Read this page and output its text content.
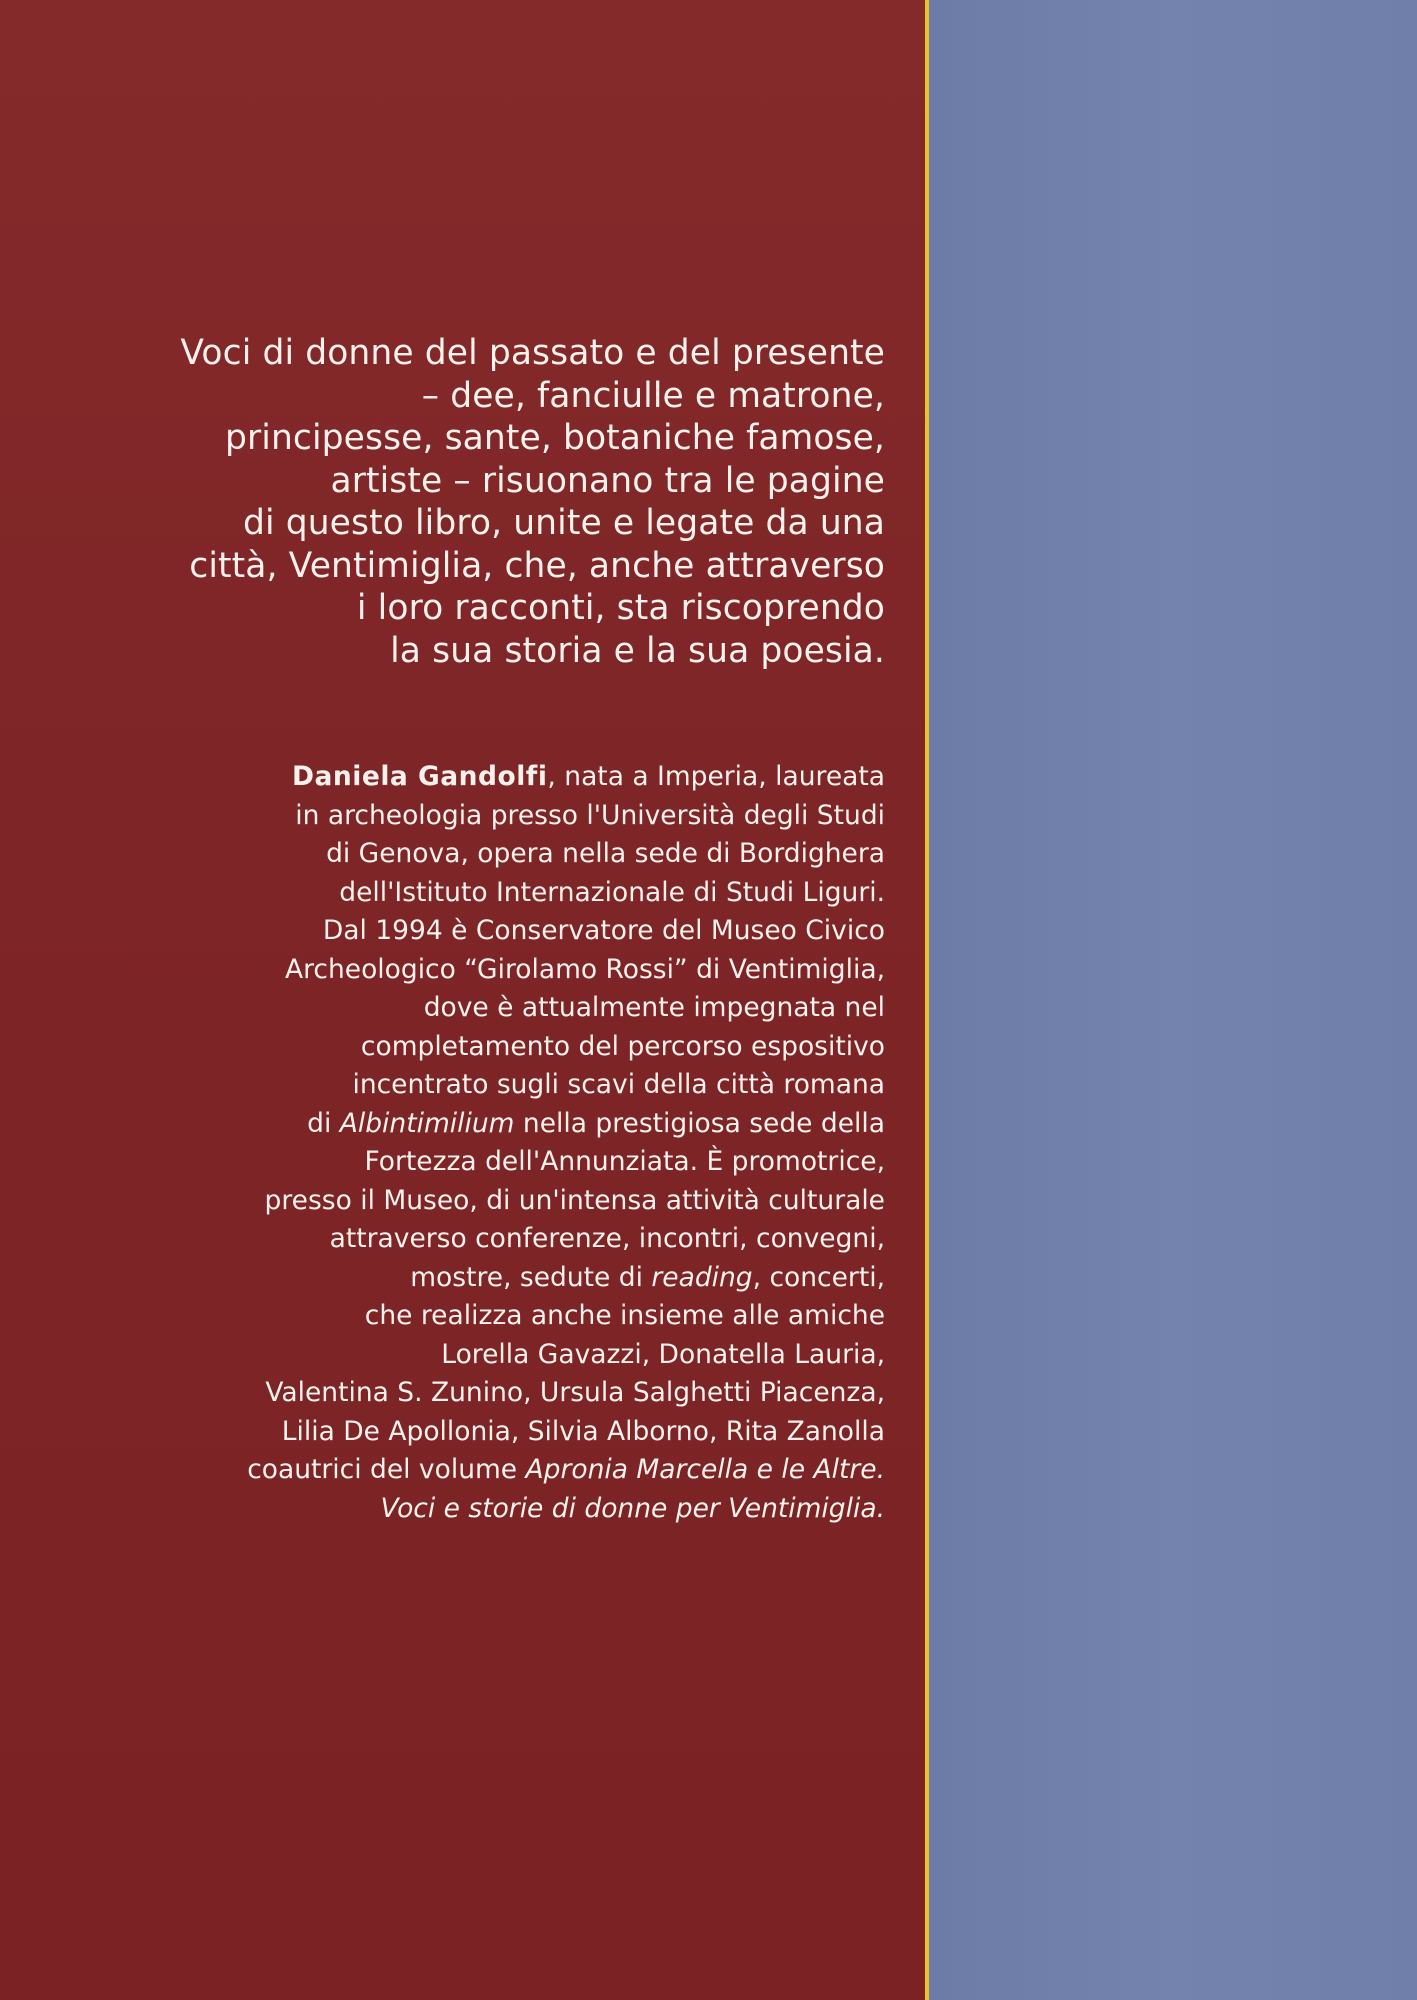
Voci di donne del passato e del presente
– dee, fanciulle e matrone,
principesse, sante, botaniche famose,
artiste – risuonano tra le pagine
di questo libro, unite e legate da una
città, Ventimiglia, che, anche attraverso
i loro racconti, sta riscoprendo
la sua storia e la sua poesia.
Daniela Gandolfi, nata a Imperia, laureata
in archeologia presso l'Università degli Studi
di Genova, opera nella sede di Bordighera
dell'Istituto Internazionale di Studi Liguri.
Dal 1994 è Conservatore del Museo Civico
Archeologico “Girolamo Rossi” di Ventimiglia,
dove è attualmente impegnata nel
completamento del percorso espositivo
incentrato sugli scavi della città romana
di Albintimilium nella prestigiosa sede della
Fortezza dell'Annunziata. È promotrice,
presso il Museo, di un'intensa attività culturale
attraverso conferenze, incontri, convegni,
mostre, sedute di reading, concerti,
che realizza anche insieme alle amiche
Lorella Gavazzi, Donatella Lauria,
Valentina S. Zunino, Ursula Salghetti Piacenza,
Lilia De Apollonia, Silvia Alborno, Rita Zanolla
coautrici del volume Apronia Marcella e le Altre.
Voci e storie di donne per Ventimiglia.
